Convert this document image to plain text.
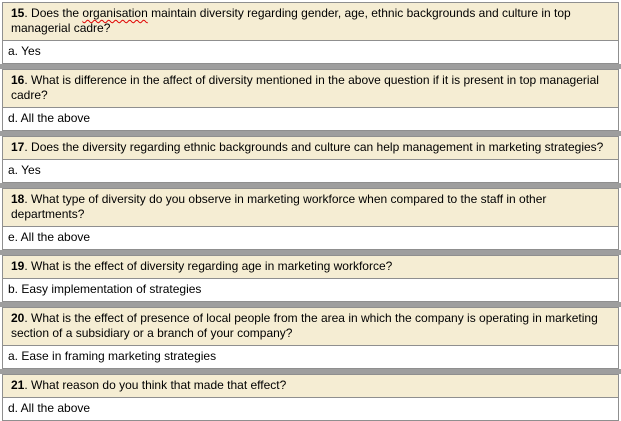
15. Does the organisation maintain diversity regarding gender, age, ethnic backgrounds and culture in top managerial cadre?
a. Yes
16. What is difference in the affect of diversity mentioned in the above question if it is present in top managerial cadre?
d. All the above
17. Does the diversity regarding ethnic backgrounds and culture can help management in marketing strategies?
a. Yes
18. What type of diversity do you observe in marketing workforce when compared to the staff in other departments?
e. All the above
19. What is the effect of diversity regarding age in marketing workforce?
b. Easy implementation of strategies
20. What is the effect of presence of local people from the area in which the company is operating in marketing section of a subsidiary or a branch of your company?
a. Ease in framing marketing strategies
21. What reason do you think that made that effect?
d. All the above
